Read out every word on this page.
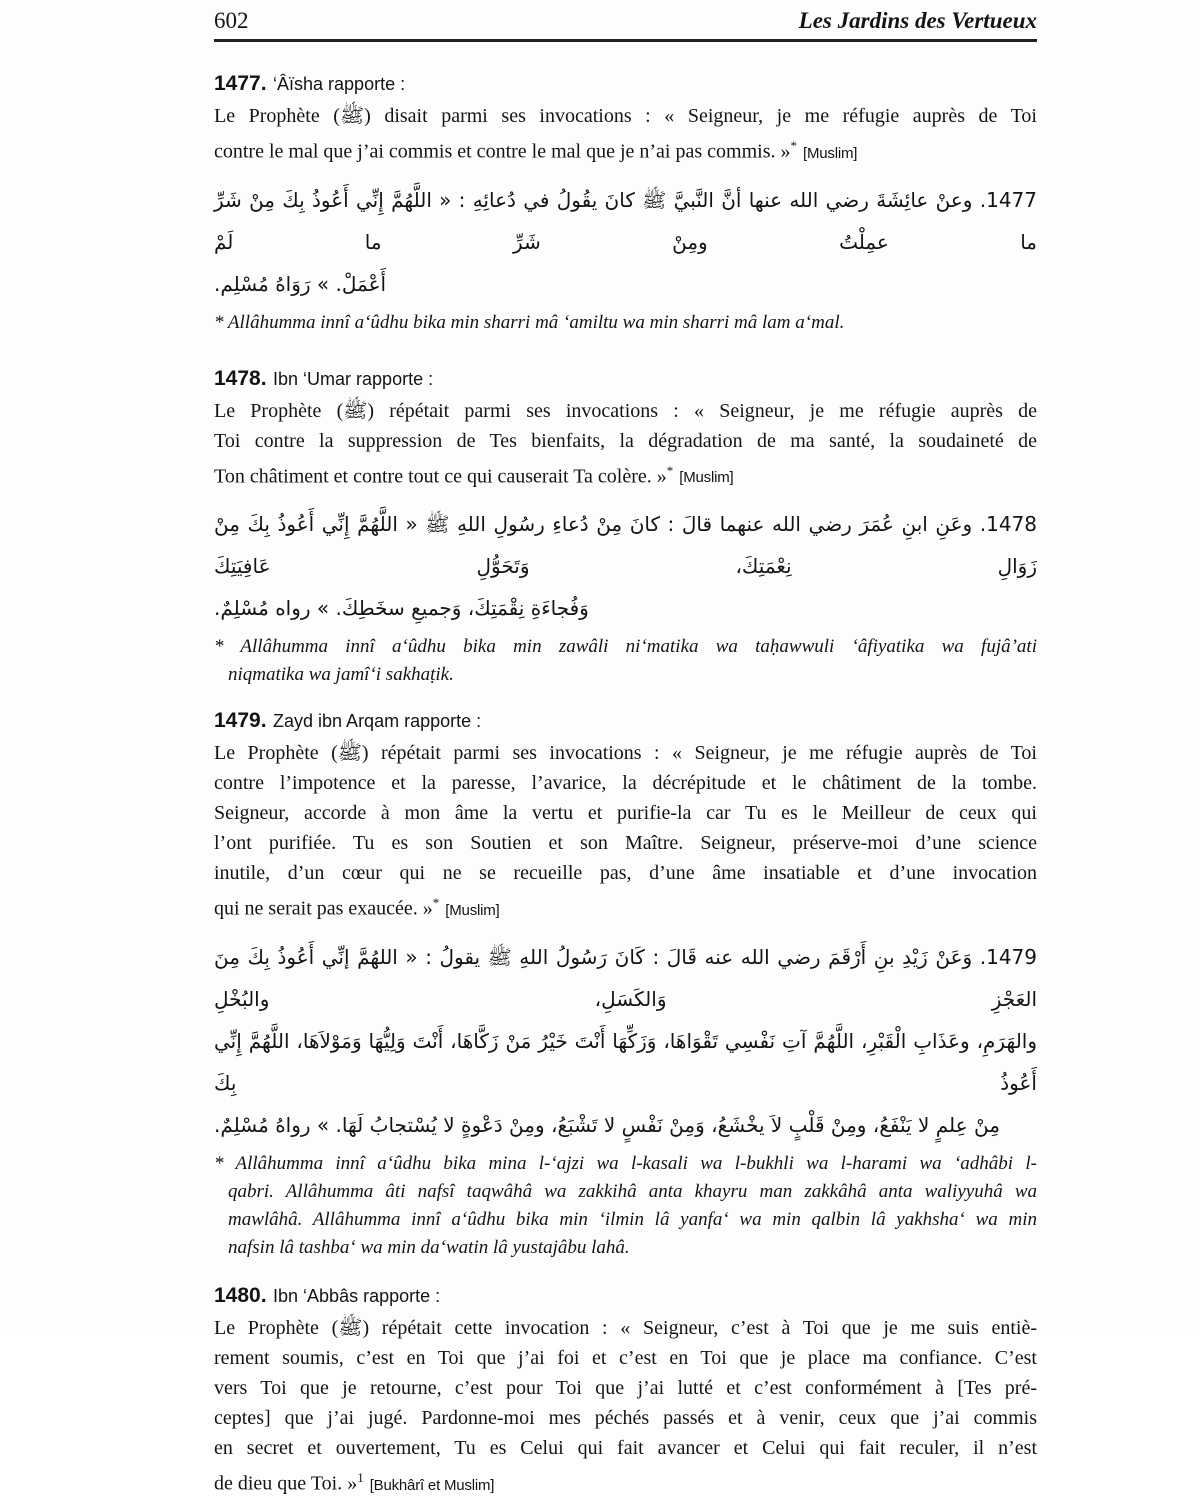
602	Les Jardins des Vertueux
1477. ‘Âïsha rapporte :
Le Prophète (ﷺ) disait parmi ses invocations : « Seigneur, je me réfugie auprès de Toi
contre le mal que j’ai commis et contre le mal que je n’ai pas commis. »* [Muslim]
1477. وعنْ عائِشَةَ رضي الله عنها أنَّ النَّبيَّ ﷺ كانَ يقُولُ في دُعائِهِ : « اللَّهُمَّ إِنِّي أَعُوذُ بِكَ مِنْ شَرِّ ما عمِلْتُ ومِنْ شَرِّ ما لَمْ
أَعْمَلْ. » رَوَاهُ مُسْلِم.
* Allâhumma innî a‘ûdhu bika min sharri mâ ‘amiltu wa min sharri mâ lam a‘mal.
1478. Ibn ‘Umar rapporte :
Le Prophète (ﷺ) répétait parmi ses invocations : « Seigneur, je me réfugie auprès de
Toi contre la suppression de Tes bienfaits, la dégradation de ma santé, la soudaineté de
Ton châtiment et contre tout ce qui causerait Ta colère. »* [Muslim]
1478. وعَنِ ابنِ عُمَرَ رضي الله عنهما قالَ : كانَ مِنْ دُعاءِ رسُولِ اللهِ ﷺ « اللَّهُمَّ إِنِّي أَعُوذُ بِكَ مِنْ زَوَالِ نِعْمَتِكَ، وَتَحَوُّلِ عَافِيَتِكَ
وَفُجاءَةِ نِقْمَتِكَ، وَجميعِ سخَطِكَ. » رواه مُسْلِمٌ.
* Allâhumma innî a‘ûdhu bika min zawâli ni‘matika wa taḥawwuli ‘âfiyatika wa fujâ’ati
niqmatika wa jamî‘i sakhaṭik.
1479. Zayd ibn Arqam rapporte :
Le Prophète (ﷺ) répétait parmi ses invocations : « Seigneur, je me réfugie auprès de Toi
contre l’impotence et la paresse, l’avarice, la décrépitude et le châtiment de la tombe.
Seigneur, accorde à mon âme la vertu et purifie-la car Tu es le Meilleur de ceux qui
l’ont purifiée. Tu es son Soutien et son Maître. Seigneur, préserve-moi d’une science
inutile, d’un cœur qui ne se recueille pas, d’une âme insatiable et d’une invocation
qui ne serait pas exaucée. »* [Muslim]
1479. وَعَنْ زَيْدِ بنِ أَرْقَمَ رضي الله عنه قَالَ : كَانَ رَسُولُ اللهِ ﷺ يقولُ : « اللهُمَّ إنِّي أَعُوذُ بِكَ مِنَ العَجْزِ وَالكَسَلِ، والبُخْلِ
والهَرَمِ، وعَذَابِ الْقَبْرِ، اللَّهُمَّ آتِ نَفْسِي تَقْوَاهَا، وَزَكِّهَا أَنْتَ خَيْرُ مَنْ زَكَّاهَا، أَنْتَ وَلِيُّهَا وَمَوْلاَهَا، اللَّهُمَّ إِنِّي أَعُوذُ بِكَ
مِنْ عِلمٍ لا يَنْفَعُ، ومِنْ قَلْبٍ لاَ يخْشَعُ، وَمِنْ نَفْسٍ لا تَشْبَعُ، ومِنْ دَعْوةٍ لا يُسْتجابُ لَهَا. » رواهُ مُسْلِمٌ.
* Allâhumma innî a‘ûdhu bika mina l-‘ajzi wa l-kasali wa l-bukhli wa l-harami wa ‘adhâbi l-
qabri. Allâhumma âti nafsî taqwâhâ wa zakkihâ anta khayru man zakkâhâ anta waliyyuhâ wa
mawlâhâ. Allâhumma innî a‘ûdhu bika min ‘ilmin lâ yanfa‘ wa min qalbin lâ yakhsha‘ wa min
nafsin lâ tashba‘ wa min da‘watin lâ yustajâbu lahâ.
1480. Ibn ‘Abbâs rapporte :
Le Prophète (ﷺ) répétait cette invocation : « Seigneur, c’est à Toi que je me suis entiè-
rement soumis, c’est en Toi que j’ai foi et c’est en Toi que je place ma confiance. C’est
vers Toi que je retourne, c’est pour Toi que j’ai lutté et c’est conformément à [Tes pré-
ceptes] que j’ai jugé. Pardonne-moi mes péchés passés et à venir, ceux que j’ai commis
en secret et ouvertement, Tu es Celui qui fait avancer et Celui qui fait reculer, il n’est
de dieu que Toi. »$^1$ [Bukhârî et Muslim]
